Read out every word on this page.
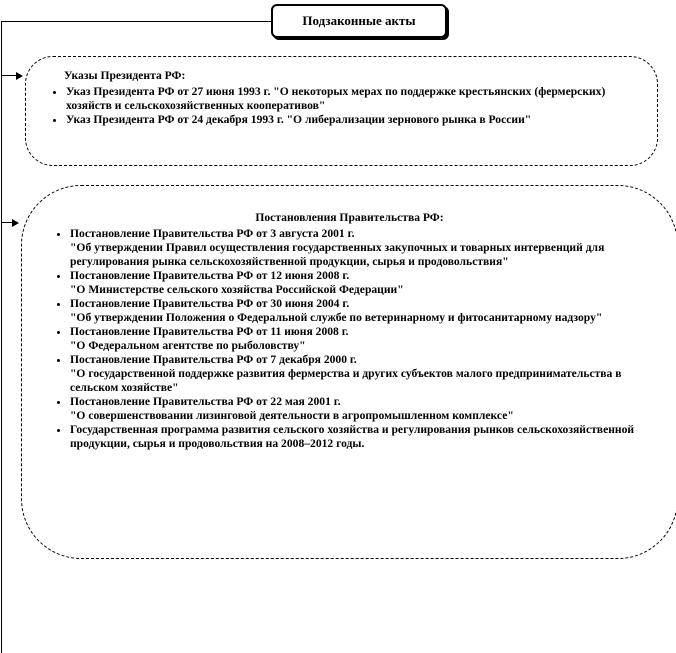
Подзаконные акты
Указы Президента РФ:
• Указ Президента РФ от 27 июня 1993 г. "О некоторых мерах по поддержке крестьянских (фермерских) хозяйств и сельскохозяйственных кооперативов"
• Указ Президента РФ от 24 декабря 1993 г. "О либерализации зернового рынка в России"
Постановления Правительства РФ:
• Постановление Правительства РФ от 3 августа 2001 г.
"Об утверждении Правил осуществления государственных закупочных и товарных интервенций для регулирования рынка сельскохозяйственной продукции, сырья и продовольствия"
• Постановление Правительства РФ от 12 июня 2008 г.
"О Министерстве сельского хозяйства Российской Федерации"
• Постановление Правительства РФ от 30 июня 2004 г.
"Об утверждении Положения о Федеральной службе по ветеринарному и фитосанитарному надзору"
• Постановление Правительства РФ от 11 июня 2008 г.
"О Федеральном агентстве по рыболовству"
• Постановление Правительства РФ от 7 декабря 2000 г.
"О государственной поддержке развития фермерства и других субъектов малого предпринимательства в сельском хозяйстве"
• Постановление Правительства РФ от 22 мая 2001 г.
"О совершенствовании лизинговой деятельности в агропромышленном комплексе"
• Государственная программа развития сельского хозяйства и регулирования рынков сельскохозяйственной продукции, сырья и продовольствия на 2008–2012 годы.
